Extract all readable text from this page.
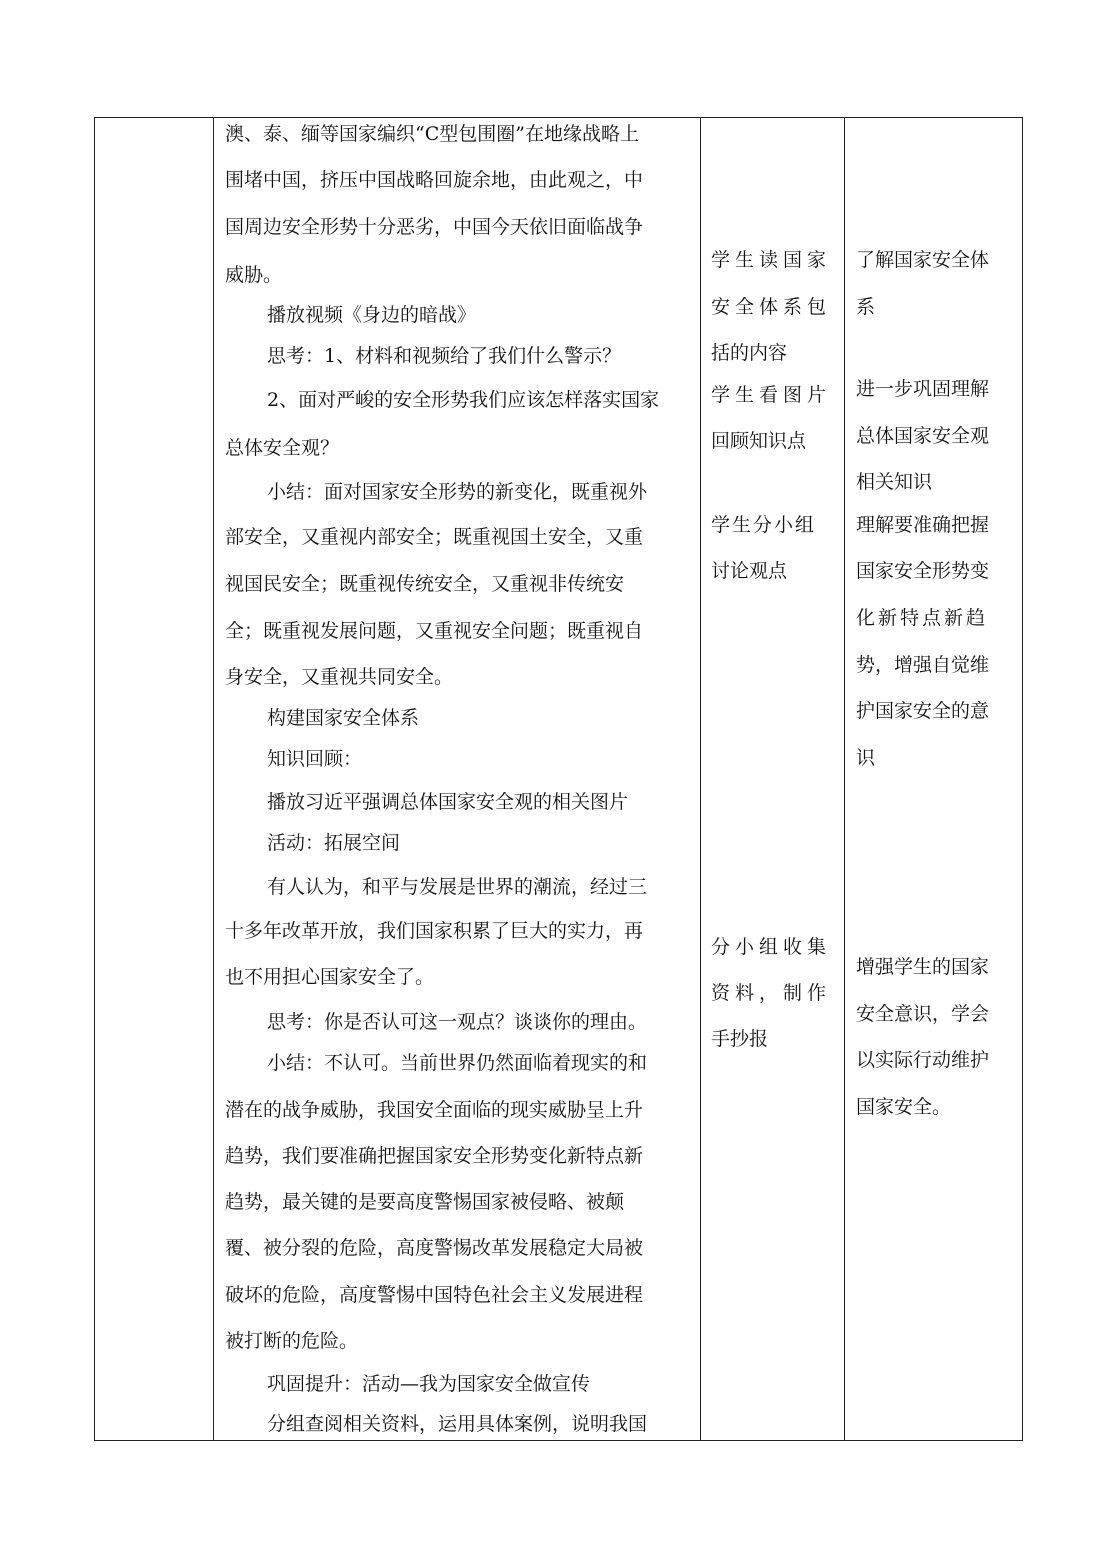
澳、泰、缅等国家编织“C型包围圈”在地缘战略上
围堵中国，挤压中国战略回旋余地，由此观之，中
国周边安全形势十分恶劣，中国今天依旧面临战争
威胁。
播放视频《身边的暗战》
思考：1、材料和视频给了我们什么警示？
2、面对严峻的安全形势我们应该怎样落实国家
总体安全观？
小结：面对国家安全形势的新变化，既重视外
部安全，又重视内部安全；既重视国土安全，又重
视国民安全；既重视传统安全，又重视非传统安
全；既重视发展问题，又重视安全问题；既重视自
身安全，又重视共同安全。
构建国家安全体系
知识回顾：
播放习近平强调总体国家安全观的相关图片
活动：拓展空间
有人认为，和平与发展是世界的潮流，经过三
十多年改革开放，我们国家积累了巨大的实力，再
也不用担心国家安全了。
思考：你是否认可这一观点？谈谈你的理由。
小结：不认可。当前世界仍然面临着现实的和
潜在的战争威胁，我国安全面临的现实威胁呈上升
趋势，我们要准确把握国家安全形势变化新特点新
趋势，最关键的是要高度警惕国家被侵略、被颠
覆、被分裂的危险，高度警惕改革发展稳定大局被
破坏的危险，高度警惕中国特色社会主义发展进程
被打断的危险。
巩固提升：活动—我为国家安全做宣传
分组查阅相关资料，运用具体案例，说明我国
学生读国家
安全体系包
括的内容
学生看图片
回顾知识点
学生分小组
讨论观点
分小组收集
资料，制作
手抄报
了解国家安全体
系
进一步巩固理解
总体国家安全观
相关知识
理解要准确把握
国家安全形势变
化新特点新趋
势，增强自觉维
护国家安全的意
识
增强学生的国家
安全意识，学会
以实际行动维护
国家安全。
